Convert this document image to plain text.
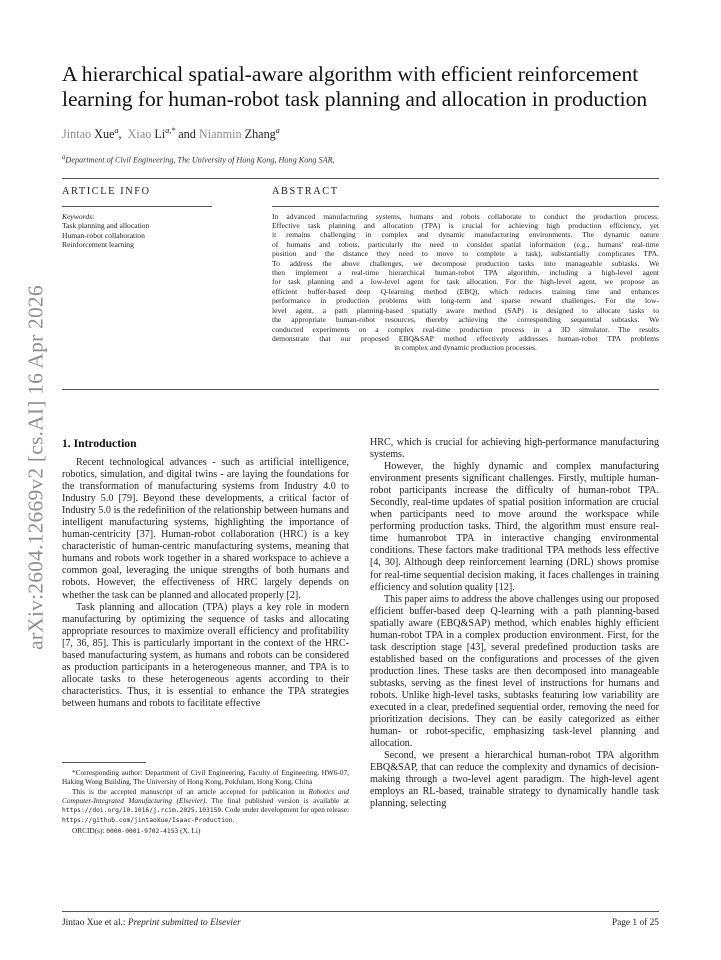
arXiv:2604.12669v2 [cs.AI] 16 Apr 2026
A hierarchical spatial-aware algorithm with efficient reinforcement learning for human-robot task planning and allocation in production
Jintao Xue$^a$, Xiao $Li^{a,*}$ and Nianmin Zhang$^a$
$^a$Department of Civil Engineering, The University of Hong Kong, Hong Kong SAR,
ARTICLE INFO	ABSTRACT
Keywords:
Task planning and allocation
Human-robot collaboration
Reinforcement learning
In advanced manufacturing systems, humans and robots collaborate to conduct the production process.
Effective task planning and allocation (TPA) is crucial for achieving high production efficiency, yet
it remains challenging in complex and dynamic manufacturing environments. The dynamic nature
of humans and robots, particularly the need to consider spatial information (e.g., humans' real-time
position and the distance they need to move to complete a task), substantially complicates TPA.
To address the above challenges, we decompose production tasks into manageable subtasks. We
then implement a real-time hierarchical human-robot TPA algorithm, including a high-level agent
for task planning and a low-level agent for task allocation. For the high-level agent, we propose an
efficient buffer-based deep Q-learning method (EBQ), which reduces training time and enhances
performance in production problems with long-term and sparse reward challenges. For the low-
level agent, a path planning-based spatially aware method (SAP) is designed to allocate tasks to
the appropriate human-robot resources, thereby achieving the corresponding sequential subtasks. We
conducted experiments on a complex real-time production process in a 3D simulator. The results
demonstrate that our proposed EBQ&SAP method effectively addresses human-robot TPA problems
in complex and dynamic production processes.
1. Introduction

Recent technological advances - such as artificial intelligence, robotics, simulation, and digital twins - are laying the foundations for the transformation of manufacturing systems from Industry 4.0 to Industry 5.0 [79]. Beyond these developments, a critical factor of Industry 5.0 is the redefinition of the relationship between humans and intelligent manufacturing systems, highlighting the importance of human-centricity [37]. Human-robot collaboration (HRC) is a key characteristic of human-centric manufacturing systems, meaning that humans and robots work together in a shared workspace to achieve a common goal, leveraging the unique strengths of both humans and robots. However, the effectiveness of HRC largely depends on whether the task can be planned and allocated properly [2].

Task planning and allocation (TPA) plays a key role in modern manufacturing by optimizing the sequence of tasks and allocating appropriate resources to maximize overall efficiency and profitability [7, 36, 85]. This is particularly important in the context of the HRC-based manufacturing system, as humans and robots can be considered as production participants in a heterogeneous manner, and TPA is to allocate tasks to these heterogeneous agents according to their characteristics. Thus, it is essential to enhance the TPA strategies between humans and robots to facilitate effective

HRC, which is crucial for achieving high-performance manufacturing systems.

However, the highly dynamic and complex manufacturing environment presents significant challenges. Firstly, multiple human-robot participants increase the difficulty of human-robot TPA. Secondly, real-time updates of spatial position information are crucial when participants need to move around the workspace while performing production tasks. Third, the algorithm must ensure real-time humanrobot TPA in interactive changing environmental conditions. These factors make traditional TPA methods less effective [4, 30]. Although deep reinforcement learning (DRL) shows promise for real-time sequential decision making, it faces challenges in training efficiency and solution quality [12].

This paper aims to address the above challenges using our proposed efficient buffer-based deep Q-learning with a path planning-based spatially aware (EBQ&SAP) method, which enables highly efficient human-robot TPA in a complex production environment. First, for the task description stage [43], several predefined production tasks are established based on the configurations and processes of the given production lines. These tasks are then decomposed into manageable subtasks, serving as the finest level of instructions for humans and robots. Unlike high-level tasks, subtasks featuring low variability are executed in a clear, predefined sequential order, removing the need for prioritization decisions. They can be easily categorized as either human- or robot-specific, emphasizing task-level planning and allocation.

Second, we present a hierarchical human-robot TPA algorithm EBQ&SAP, that can reduce the complexity and dynamics of decision-making through a two-level agent paradigm. The high-level agent employs an RL-based, trainable strategy to dynamically handle task planning, selecting

*Corresponding author: Department of Civil Engineering, Faculty of Engineering, HW6-07, Haking Wong Building, The University of Hong Kong, Pokfulam, Hong Kong, China

This is the accepted manuscript of an article accepted for publication in Robotics and Computer-Integrated Manufacturing (Elsevier). The final published version is available at https://doi.org/10.1016/j.rcim.2025.103159. Code under development for open release: https://github.com/jintaoXue/Isaac-Production.

ORCID(s): 0000-0001-9702-4153 (X. Li)

Jintao Xue et al.: Preprint submitted to Elsevier	Page 1 of 25
